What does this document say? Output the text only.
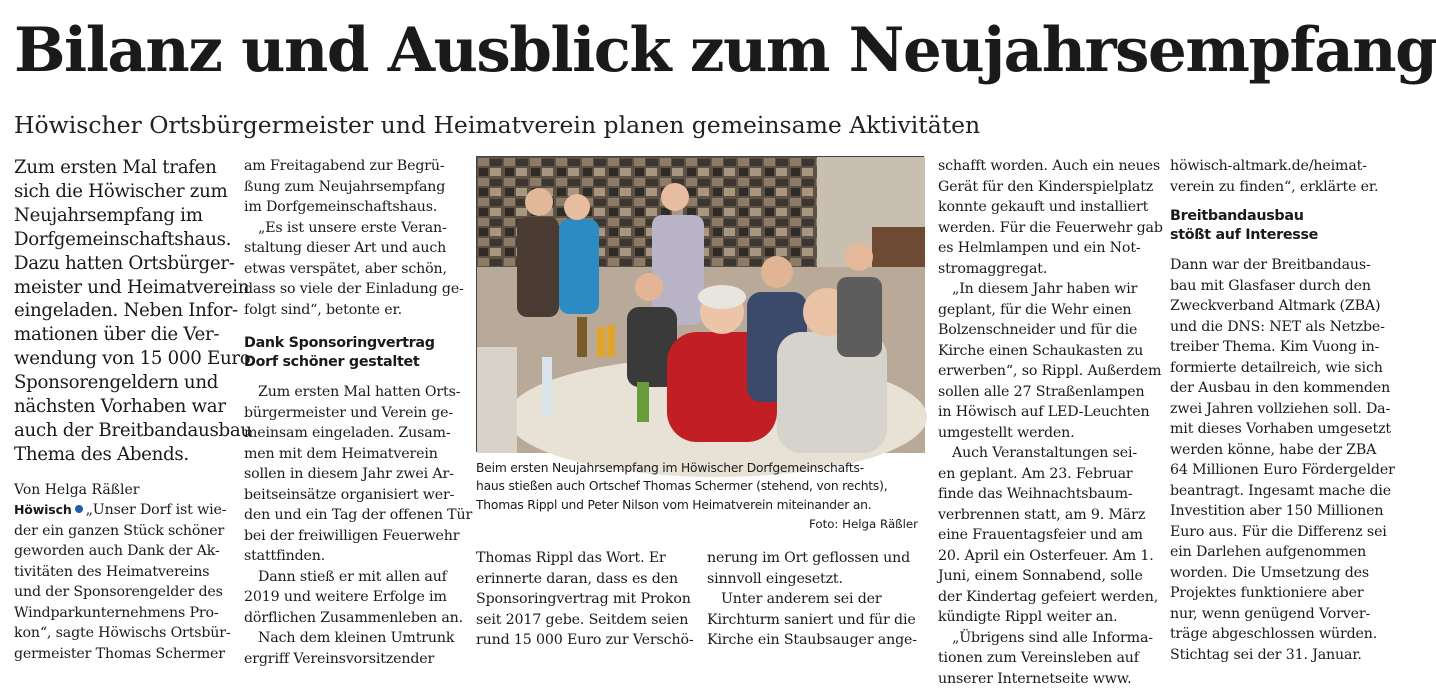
Bilanz und Ausblick zum Neujahrsempfang
Höwischer Ortsbürgermeister und Heimatverein planen gemeinsame Aktivitäten
Zum ersten Mal trafen
sich die Höwischer zum
Neujahrsempfang im
Dorfgemeinschaftshaus.
Dazu hatten Ortsbürger-
meister und Heimatverein
eingeladen. Neben Infor-
mationen über die Ver-
wendung von 15 000 Euro
Sponsorengeldern und
nächsten Vorhaben war
auch der Breitbandausbau
Thema des Abends.
Von Helga Räßler
Höwisch „Unser Dorf ist wie-
der ein ganzen Stück schöner
geworden auch Dank der Ak-
tivitäten des Heimatvereins
und der Sponsorengelder des
Windparkunternehmens Pro-
kon“, sagte Höwischs Ortsbür-
germeister Thomas Schermer
am Freitagabend zur Begrü-
ßung zum Neujahrsempfang
im Dorfgemeinschaftshaus.
„Es ist unsere erste Veran-
staltung dieser Art und auch
etwas verspätet, aber schön,
dass so viele der Einladung ge-
folgt sind“, betonte er.
Dank Sponsoringvertrag
Dorf schöner gestaltet
Zum ersten Mal hatten Orts-
bürgermeister und Verein ge-
meinsam eingeladen. Zusam-
men mit dem Heimatverein
sollen in diesem Jahr zwei Ar-
beitseinsätze organisiert wer-
den und ein Tag der offenen Tür
bei der freiwilligen Feuerwehr
stattfinden.
Dann stieß er mit allen auf
2019 und weitere Erfolge im
dörflichen Zusammenleben an.
Nach dem kleinen Umtrunk
ergriff Vereinsvorsitzender
Beim ersten Neujahrsempfang im Höwischer Dorfgemeinschafts-
haus stießen auch Ortschef Thomas Schermer (stehend, von rechts),
Thomas Rippl und Peter Nilson vom Heimatverein miteinander an.
Foto: Helga Räßler
Thomas Rippl das Wort. Er
erinnerte daran, dass es den
Sponsoringvertrag mit Prokon
seit 2017 gebe. Seitdem seien
rund 15 000 Euro zur Verschö-
nerung im Ort geflossen und
sinnvoll eingesetzt.
Unter anderem sei der
Kirchturm saniert und für die
Kirche ein Staubsauger ange-
schafft worden. Auch ein neues
Gerät für den Kinderspielplatz
konnte gekauft und installiert
werden. Für die Feuerwehr gab
es Helmlampen und ein Not-
stromaggregat.
„In diesem Jahr haben wir
geplant, für die Wehr einen
Bolzenschneider und für die
Kirche einen Schaukasten zu
erwerben“, so Rippl. Außerdem
sollen alle 27 Straßenlampen
in Höwisch auf LED-Leuchten
umgestellt werden.
Auch Veranstaltungen sei-
en geplant. Am 23. Februar
finde das Weihnachtsbaum-
verbrennen statt, am 9. März
eine Frauentagsfeier und am
20. April ein Osterfeuer. Am 1.
Juni, einem Sonnabend, solle
der Kindertag gefeiert werden,
kündigte Rippl weiter an.
„Übrigens sind alle Informa-
tionen zum Vereinsleben auf
unserer Internetseite www.
höwisch-altmark.de/heimat-
verein zu finden“, erklärte er.
Breitbandausbau
stößt auf Interesse
Dann war der Breitbandaus-
bau mit Glasfaser durch den
Zweckverband Altmark (ZBA)
und die DNS: NET als Netzbe-
treiber Thema. Kim Vuong in-
formierte detailreich, wie sich
der Ausbau in den kommenden
zwei Jahren vollziehen soll. Da-
mit dieses Vorhaben umgesetzt
werden könne, habe der ZBA
64 Millionen Euro Fördergelder
beantragt. Ingesamt mache die
Investition aber 150 Millionen
Euro aus. Für die Differenz sei
ein Darlehen aufgenommen
worden. Die Umsetzung des
Projektes funktioniere aber
nur, wenn genügend Vorver-
träge abgeschlossen würden.
Stichtag sei der 31. Januar.
